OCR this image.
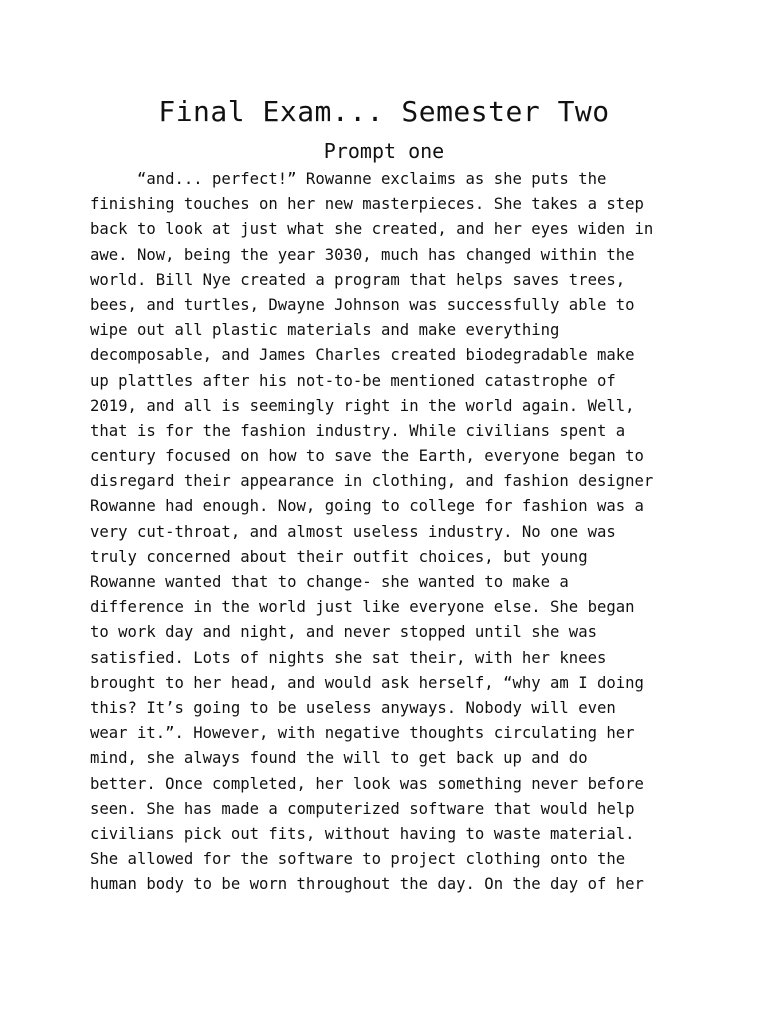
Final Exam... Semester Two
Prompt one
“and... perfect!” Rowanne exclaims as she puts the
finishing touches on her new masterpieces. She takes a step
back to look at just what she created, and her eyes widen in
awe. Now, being the year 3030, much has changed within the
world. Bill Nye created a program that helps saves trees,
bees, and turtles, Dwayne Johnson was successfully able to
wipe out all plastic materials and make everything
decomposable, and James Charles created biodegradable make
up plattles after his not-to-be mentioned catastrophe of
2019, and all is seemingly right in the world again. Well,
that is for the fashion industry. While civilians spent a
century focused on how to save the Earth, everyone began to
disregard their appearance in clothing, and fashion designer
Rowanne had enough. Now, going to college for fashion was a
very cut-throat, and almost useless industry. No one was
truly concerned about their outfit choices, but young
Rowanne wanted that to change- she wanted to make a
difference in the world just like everyone else. She began
to work day and night, and never stopped until she was
satisfied. Lots of nights she sat their, with her knees
brought to her head, and would ask herself, “why am I doing
this? It’s going to be useless anyways. Nobody will even
wear it.”. However, with negative thoughts circulating her
mind, she always found the will to get back up and do
better. Once completed, her look was something never before
seen. She has made a computerized software that would help
civilians pick out fits, without having to waste material.
She allowed for the software to project clothing onto the
human body to be worn throughout the day. On the day of her
